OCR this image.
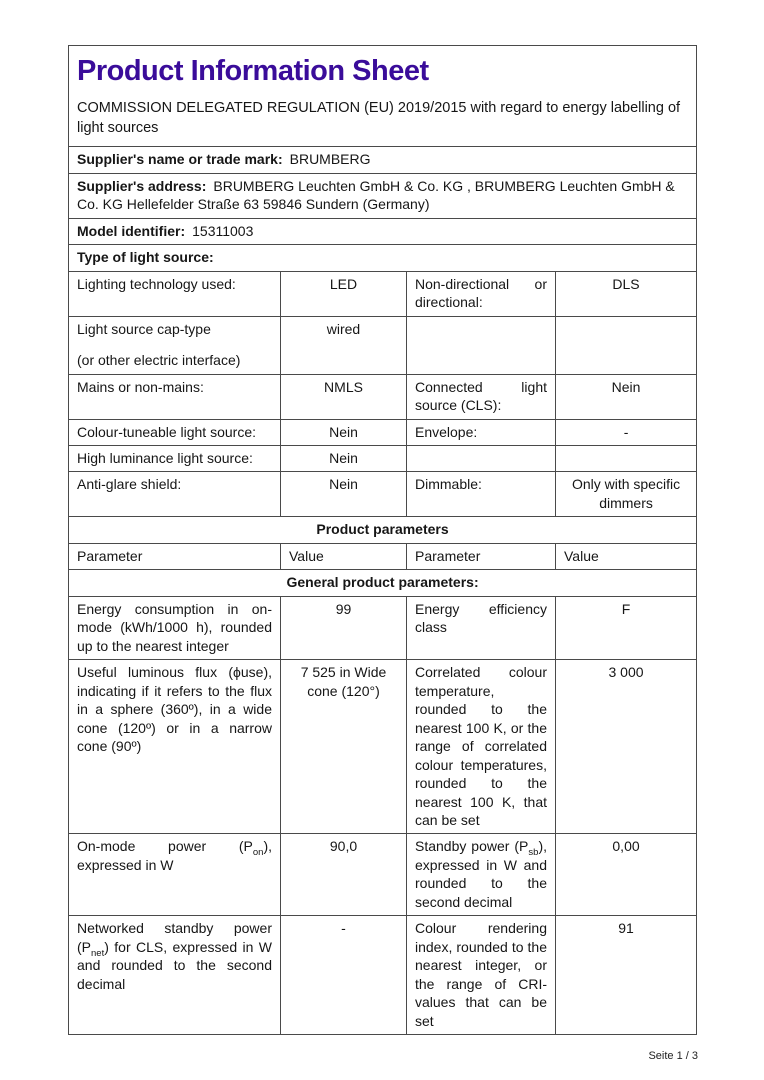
Product Information Sheet
COMMISSION DELEGATED REGULATION (EU) 2019/2015 with regard to energy labelling of light sources			

Supplier's name or trade mark: BRUMBERG			
Supplier's address: BRUMBERG Leuchten GmbH & Co. KG , BRUMBERG Leuchten GmbH & Co. KG Hellefelder Straße 63 59846 Sundern (Germany)			
Model identifier: 15311003			
Type of light source:			
Lighting technology used:	LED	Non-directional or directional:	DLS

Light source cap-type
(or other electric interface)	wired		
Mains or non-mains:	NMLS	Connected light source (CLS):	Nein
Colour-tuneable light source:	Nein	Envelope:	-
High luminance light source:	Nein		
Anti-glare shield:	Nein	Dimmable:	Only with specific dimmers
Product parameters			
Parameter	Value	Parameter	Value
General product parameters:			
Energy consumption in on-mode (kWh/1000 h), rounded up to the nearest integer	99	Energy efficiency class	F
Useful luminous flux (ϕuse), indicating if it refers to the flux in a sphere (360º), in a wide cone (120º) or in a narrow cone (90º)	7 525 in Wide cone (120°)	Correlated colour temperature, rounded to the nearest 100 K, or the range of correlated colour temperatures, rounded to the nearest 100 K, that can be set	3 000
On-mode power $(P_{on})$, expressed in W	90,0	Standby power $(P_{sb})$, expressed in W and rounded to the second decimal	0,00
Networked standby power $(P_{net})$ for CLS, expressed in W and rounded to the second decimal	-	Colour rendering index, rounded to the nearest integer, or the range of CRI-values that can be set	91
Seite 1 / 3
